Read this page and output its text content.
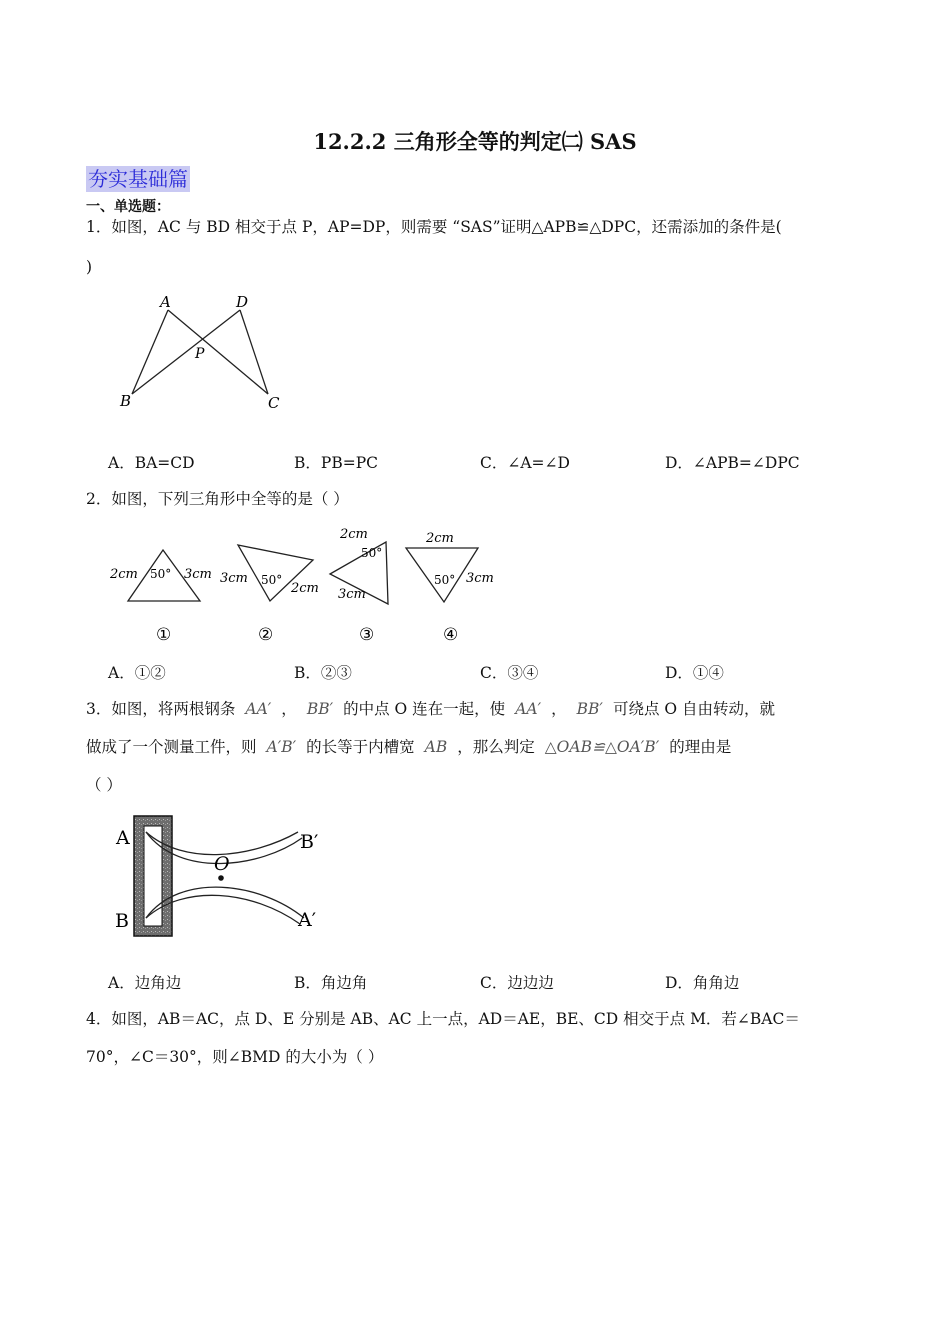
12.2.2 三角形全等的判定㈡ SAS
夯实基础篇
一、单选题：
1．如图，AC 与 BD 相交于点 P，AP=DP，则需要 “SAS”证明△APB≌△DPC，还需添加的条件是(
)
A	D
P
B	C
A．BA=CD	B．PB=PC	C．∠A=∠D	D．∠APB=∠DPC
2．如图，下列三角形中全等的是（ ）
2cm 50° 3cm
①
3cm 50°
2cm
②
2cm
50°
3cm
③
2cm
50° 3cm
④
A．①②	B．②③	C．③④	D．①④
3．如图，将两根钢条 AA′ ， BB′ 的中点 O 连在一起，使 AA′ ， BB′ 可绕点 O 自由转动，就
做成了一个测量工件，则 A′B′ 的长等于内槽宽 AB ，那么判定 △OAB≌△OA′B′ 的理由是
（ ）
A
B
O
B′
A′
A．边角边	B．角边角	C．边边边	D．角角边
4．如图，AB＝AC，点 D、E 分别是 AB、AC 上一点，AD＝AE，BE、CD 相交于点 M．若∠BAC＝
70°，∠C＝30°，则∠BMD 的大小为（ ）
